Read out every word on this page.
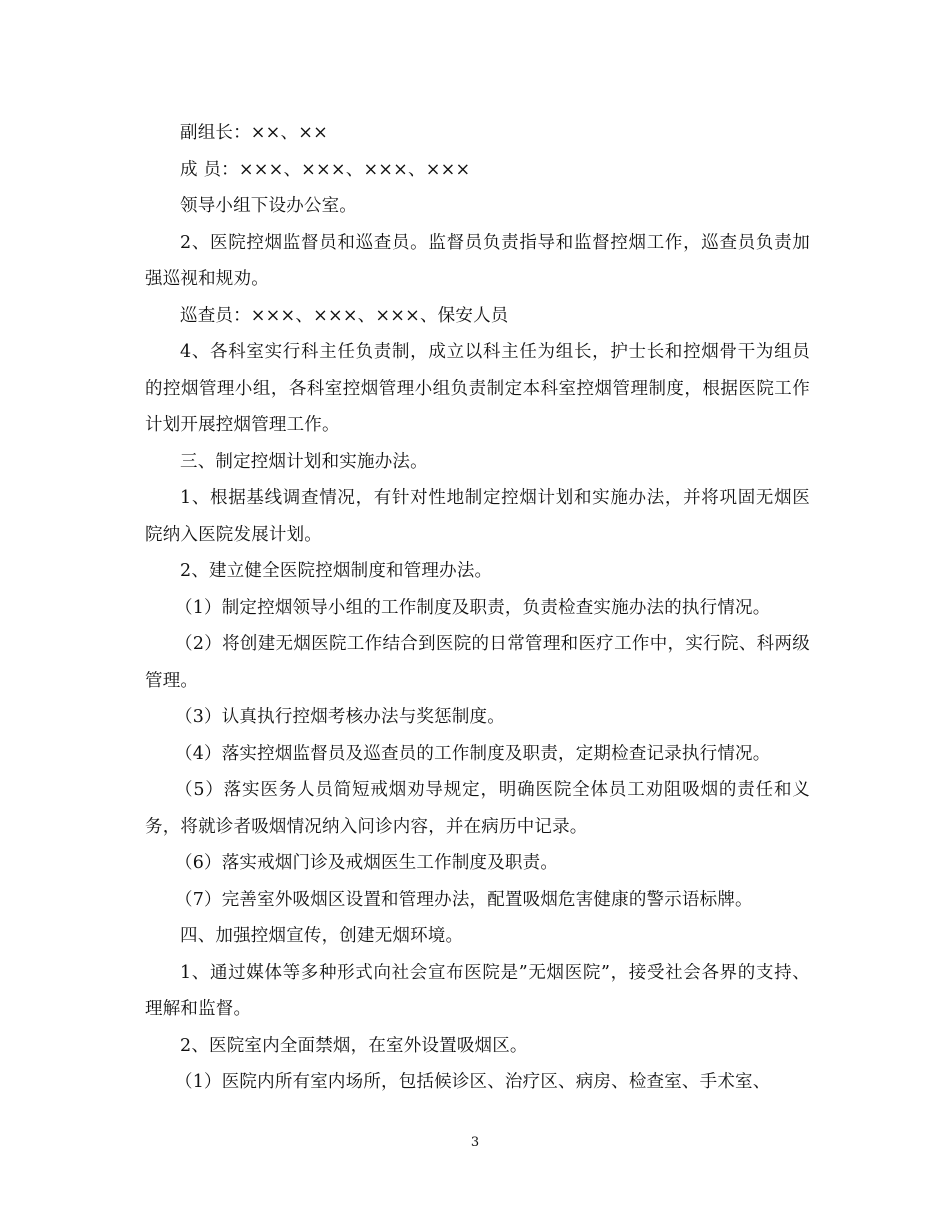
副组长：××、××

成 员：×××、×××、×××、×××

领导小组下设办公室。

2、医院控烟监督员和巡查员。监督员负责指导和监督控烟工作，巡查员负责加强巡视和规劝。

巡查员：×××、×××、×××、保安人员

4、各科室实行科主任负责制，成立以科主任为组长，护士长和控烟骨干为组员的控烟管理小组，各科室控烟管理小组负责制定本科室控烟管理制度，根据医院工作计划开展控烟管理工作。

三、制定控烟计划和实施办法。

1、根据基线调查情况，有针对性地制定控烟计划和实施办法，并将巩固无烟医院纳入医院发展计划。

2、建立健全医院控烟制度和管理办法。

（1）制定控烟领导小组的工作制度及职责，负责检查实施办法的执行情况。

（2）将创建无烟医院工作结合到医院的日常管理和医疗工作中，实行院、科两级管理。

（3）认真执行控烟考核办法与奖惩制度。

（4）落实控烟监督员及巡查员的工作制度及职责，定期检查记录执行情况。

（5）落实医务人员简短戒烟劝导规定，明确医院全体员工劝阻吸烟的责任和义务，将就诊者吸烟情况纳入问诊内容，并在病历中记录。

（6）落实戒烟门诊及戒烟医生工作制度及职责。

（7）完善室外吸烟区设置和管理办法，配置吸烟危害健康的警示语标牌。

四、加强控烟宣传，创建无烟环境。

1、通过媒体等多种形式向社会宣布医院是”无烟医院”，接受社会各界的支持、理解和监督。

2、医院室内全面禁烟，在室外设置吸烟区。

（1）医院内所有室内场所，包括候诊区、治疗区、病房、检查室、手术室、

3
